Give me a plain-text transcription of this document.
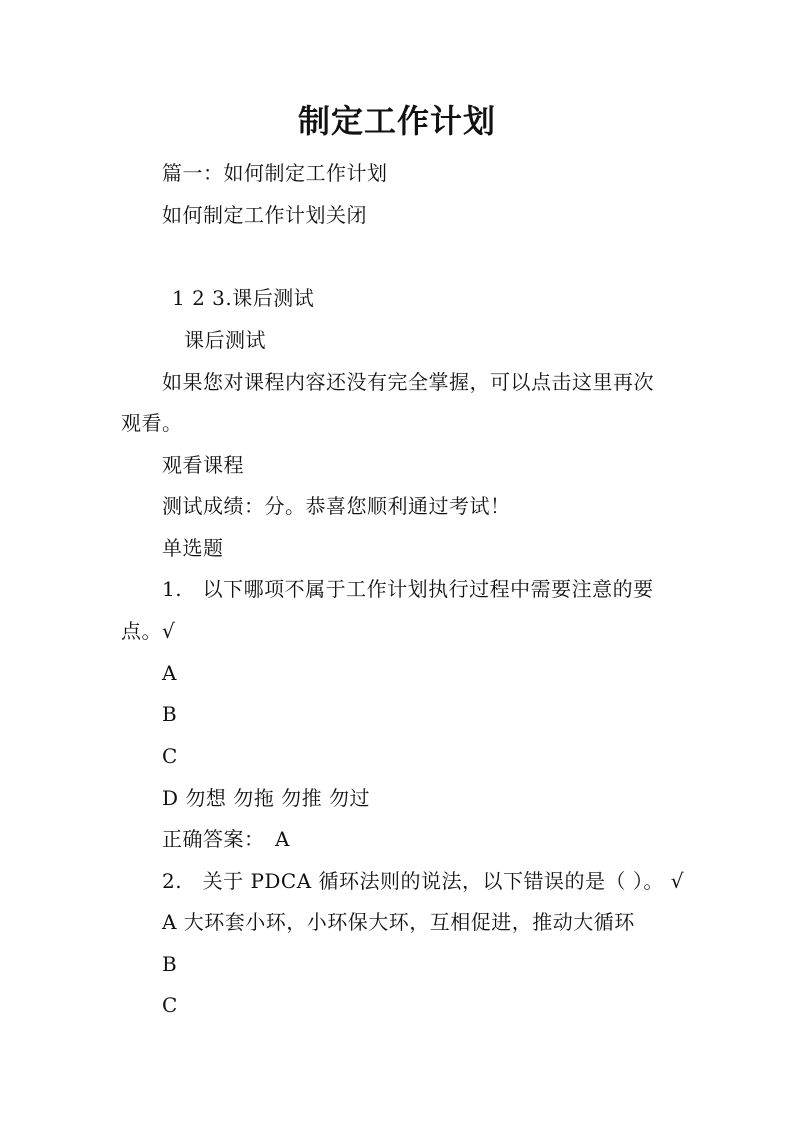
制定工作计划
篇一：如何制定工作计划
如何制定工作计划关闭
1 2 3.课后测试
课后测试
如果您对课程内容还没有完全掌握，可以点击这里再次
观看。
观看课程
测试成绩：分。恭喜您顺利通过考试！
单选题
1.　以下哪项不属于工作计划执行过程中需要注意的要
点。√
A
B
C
D 勿想 勿拖 勿推 勿过
正确答案：　A
2.　关于 PDCA 循环法则的说法，以下错误的是（ ）。 √
A 大环套小环，小环保大环，互相促进，推动大循环
B
C
